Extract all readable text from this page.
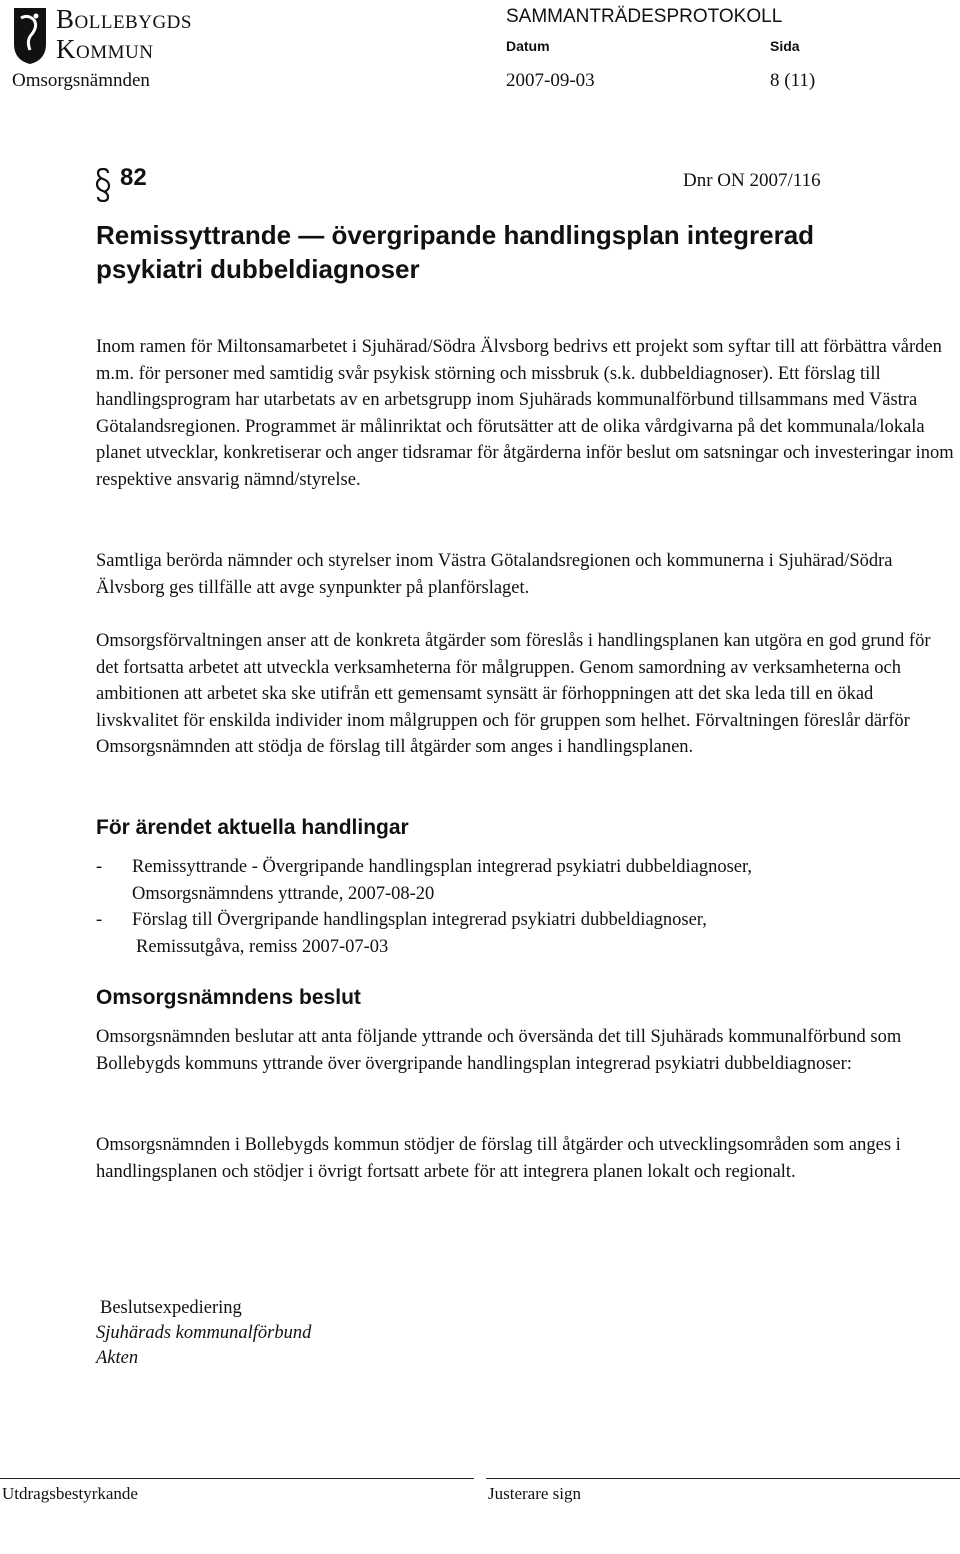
Bollebygds
Kommun
SAMMANTRÄDESPROTOKOLL
Datum	Sida
Omsorgsnämnden	2007-09-03	8 (11)
82	Dnr ON 2007/116
Remissyttrande — övergripande handlingsplan integrerad psykiatri dubbeldiagnoser
Inom ramen för Miltonsamarbetet i Sjuhärad/Södra Älvsborg bedrivs ett projekt som syftar till att förbättra vården m.m. för personer med samtidig svår psykisk störning och missbruk (s.k. dubbeldiagnoser). Ett förslag till handlingsprogram har utarbetats av en arbetsgrupp inom Sjuhärads kommunalförbund tillsammans med Västra Götalandsregionen. Programmet är målinriktat och förutsätter att de olika vårdgivarna på det kommunala/lokala planet utvecklar, konkretiserar och anger tidsramar för åtgärderna inför beslut om satsningar och investeringar inom respektive ansvarig nämnd/styrelse.
Samtliga berörda nämnder och styrelser inom Västra Götalandsregionen och kommunerna i Sjuhärad/Södra Älvsborg ges tillfälle att avge synpunkter på planförslaget.
Omsorgsförvaltningen anser att de konkreta åtgärder som föreslås i handlingsplanen kan utgöra en god grund för det fortsatta arbetet att utveckla verksamheterna för målgruppen. Genom samordning av verksamheterna och ambitionen att arbetet ska ske utifrån ett gemensamt synsätt är förhoppningen att det ska leda till en ökad livskvalitet för enskilda individer inom målgruppen och för gruppen som helhet. Förvaltningen föreslår därför Omsorgsnämnden att stödja de förslag till åtgärder som anges i handlingsplanen.
För ärendet aktuella handlingar
- Remissyttrande - Övergripande handlingsplan integrerad psykiatri dubbeldiagnoser,
Omsorgsnämndens yttrande, 2007-08-20
- Förslag till Övergripande handlingsplan integrerad psykiatri dubbeldiagnoser,
Remissutgåva, remiss 2007-07-03
Omsorgsnämndens beslut
Omsorgsnämnden beslutar att anta följande yttrande och översända det till Sjuhärads kommunalförbund som Bollebygds kommuns yttrande över övergripande handlingsplan integrerad psykiatri dubbeldiagnoser:
Omsorgsnämnden i Bollebygds kommun stödjer de förslag till åtgärder och utvecklingsområden som anges i handlingsplanen och stödjer i övrigt fortsatt arbete för att integrera planen lokalt och regionalt.
Beslutsexpediering
Sjuhärads kommunalförbund
Akten
Utdragsbestyrkande	Justerare sign
